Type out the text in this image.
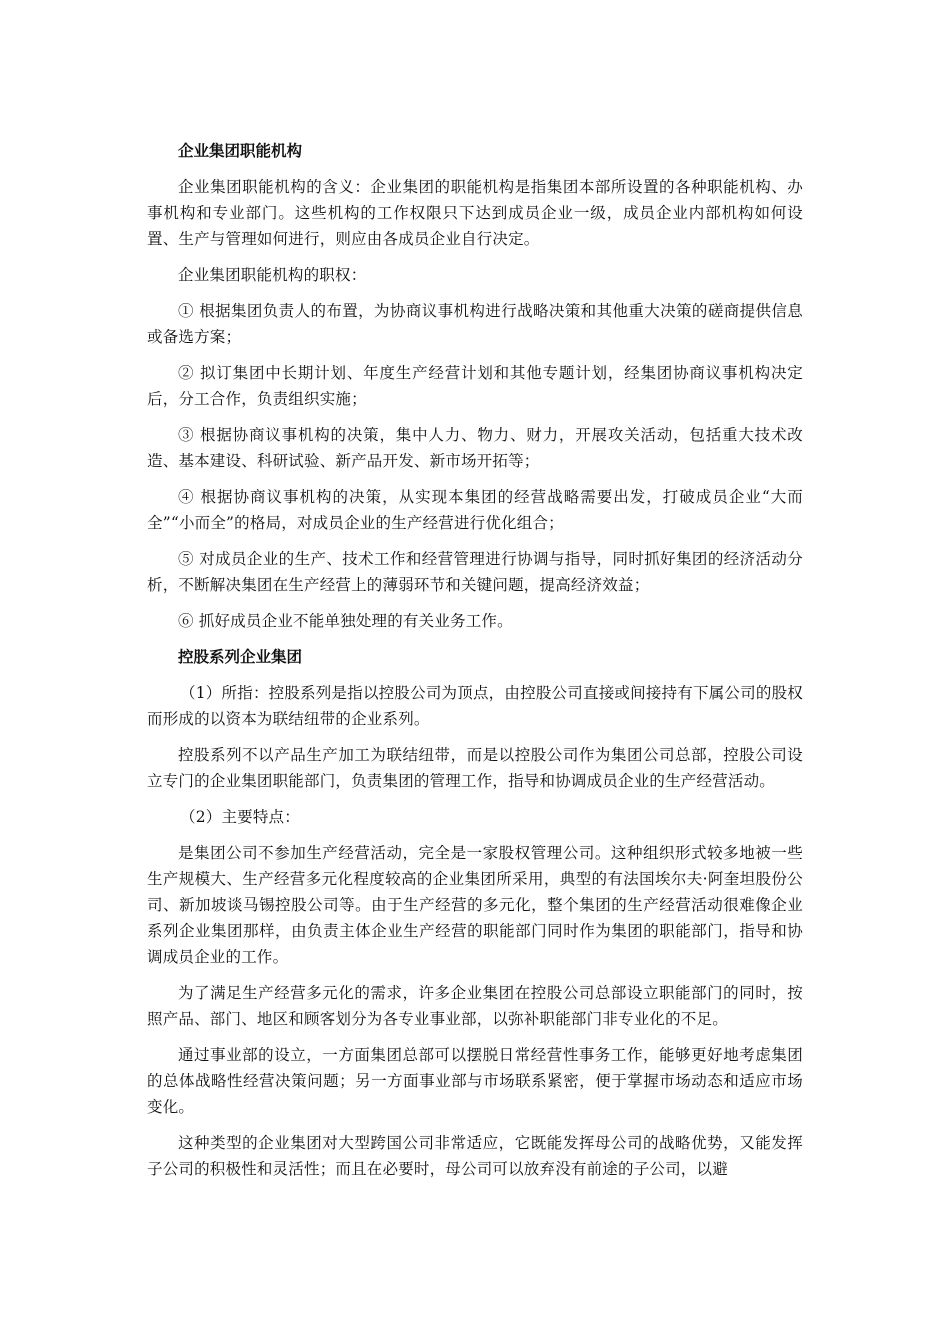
企业集团职能机构

企业集团职能机构的含义：企业集团的职能机构是指集团本部所设置的各种职能机构、办事机构和专业部门。这些机构的工作权限只下达到成员企业一级，成员企业内部机构如何设置、生产与管理如何进行，则应由各成员企业自行决定。

企业集团职能机构的职权：

① 根据集团负责人的布置，为协商议事机构进行战略决策和其他重大决策的磋商提供信息或备选方案；

② 拟订集团中长期计划、年度生产经营计划和其他专题计划，经集团协商议事机构决定后，分工合作，负责组织实施；

③ 根据协商议事机构的决策，集中人力、物力、财力，开展攻关活动，包括重大技术改造、基本建设、科研试验、新产品开发、新市场开拓等；

④ 根据协商议事机构的决策，从实现本集团的经营战略需要出发，打破成员企业“大而全”“小而全”的格局，对成员企业的生产经营进行优化组合；

⑤ 对成员企业的生产、技术工作和经营管理进行协调与指导，同时抓好集团的经济活动分析，不断解决集团在生产经营上的薄弱环节和关键问题，提高经济效益；

⑥ 抓好成员企业不能单独处理的有关业务工作。

控股系列企业集团

（1）所指：控股系列是指以控股公司为顶点，由控股公司直接或间接持有下属公司的股权而形成的以资本为联结纽带的企业系列。

控股系列不以产品生产加工为联结纽带，而是以控股公司作为集团公司总部，控股公司设立专门的企业集团职能部门，负责集团的管理工作，指导和协调成员企业的生产经营活动。

（2）主要特点：

是集团公司不参加生产经营活动，完全是一家股权管理公司。这种组织形式较多地被一些生产规模大、生产经营多元化程度较高的企业集团所采用，典型的有法国埃尔夫·阿奎坦股份公司、新加坡谈马锡控股公司等。由于生产经营的多元化，整个集团的生产经营活动很难像企业系列企业集团那样，由负责主体企业生产经营的职能部门同时作为集团的职能部门，指导和协调成员企业的工作。

为了满足生产经营多元化的需求，许多企业集团在控股公司总部设立职能部门的同时，按照产品、部门、地区和顾客划分为各专业事业部，以弥补职能部门非专业化的不足。

通过事业部的设立，一方面集团总部可以摆脱日常经营性事务工作，能够更好地考虑集团的总体战略性经营决策问题；另一方面事业部与市场联系紧密，便于掌握市场动态和适应市场变化。

这种类型的企业集团对大型跨国公司非常适应，它既能发挥母公司的战略优势，又能发挥子公司的积极性和灵活性；而且在必要时，母公司可以放弃没有前途的子公司，以避
